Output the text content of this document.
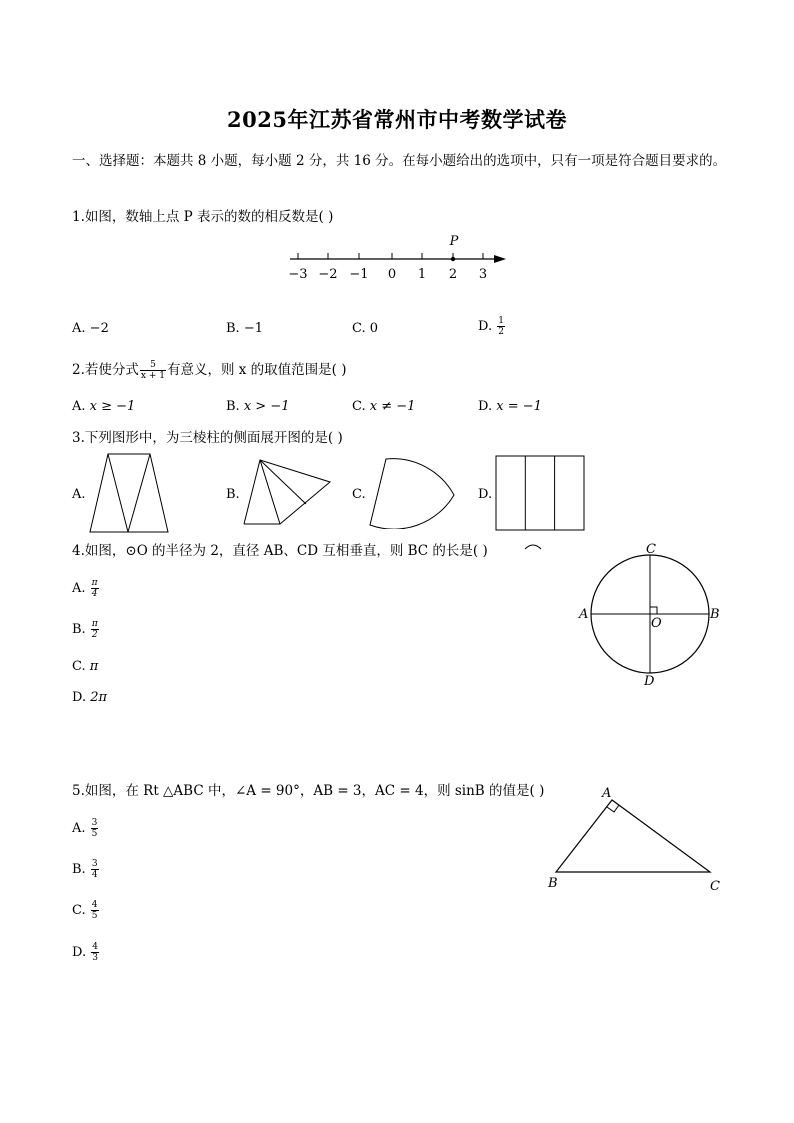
2025年江苏省常州市中考数学试卷
一、选择题：本题共 8 小题，每小题 2 分，共 16 分。在每小题给出的选项中，只有一项是符合题目要求的。
1.如图，数轴上点 P 表示的数的相反数是( )
P
−3 −2 −1 0 1 2 3
A. −2	B. −1	C. 0	D. $\frac{1}{2}$
2.若使分式 $\frac{5}{x + 1}$ 有意义，则 x 的取值范围是( )
A. x ≥ −1	B. x > −1	C. x ≠ −1	D. x = −1
3.下列图形中，为三棱柱的侧面展开图的是( )
A.	B.	C.	D.
4.如图，⊙O 的半径为 2，直径 AB、CD 互相垂直，则 BC 的长是( )
A. $\frac{\pi}{4}$
B. $\frac{\pi}{2}$
C. π
D. 2π
C
A
O
B
D
5.如图，在 Rt △ABC 中，∠A = 90°，AB = 3，AC = 4，则 sinB 的值是( )
A. $\frac{3}{5}$
B. $\frac{3}{4}$
C. $\frac{4}{5}$
D. $\frac{4}{3}$
A
B	C
